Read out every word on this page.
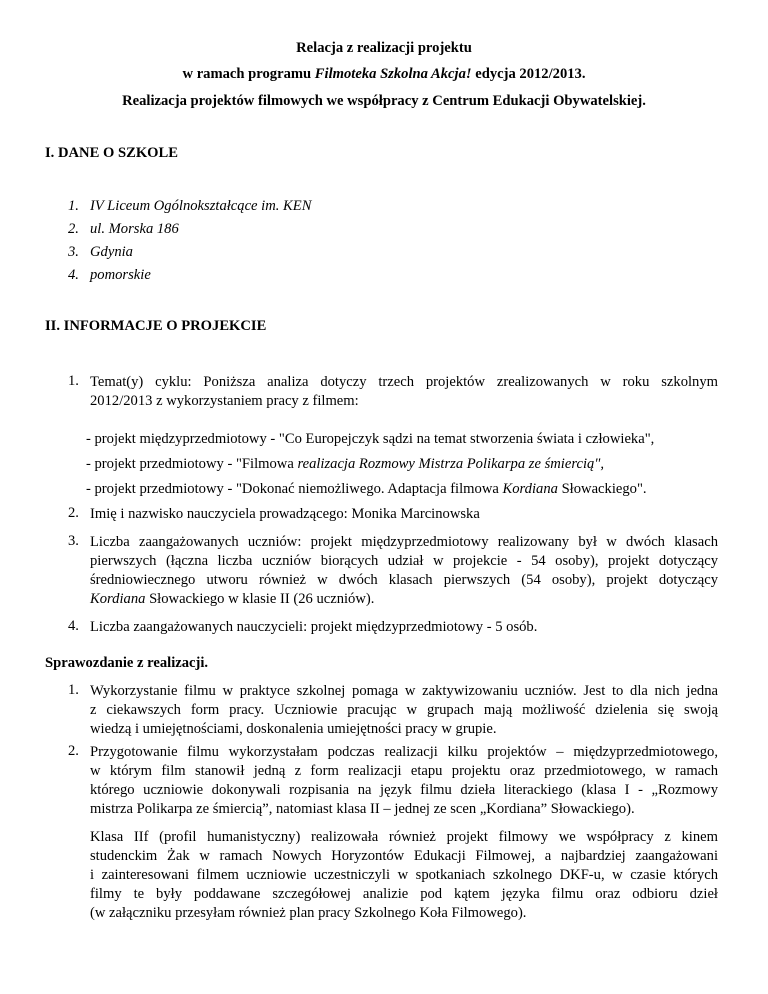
Relacja z realizacji projektu
w ramach programu Filmoteka Szkolna Akcja! edycja 2012/2013.
Realizacja projektów filmowych we współpracy z Centrum Edukacji Obywatelskiej.
I. DANE O SZKOLE
1. IV Liceum Ogólnokształcące im. KEN
2. ul. Morska 186
3. Gdynia
4. pomorskie
II. INFORMACJE O PROJEKCIE
1. Temat(y) cyklu: Poniższa analiza dotyczy trzech projektów zrealizowanych w roku szkolnym
2012/2013 z wykorzystaniem pracy z filmem:
- projekt międzyprzedmiotowy - "Co Europejczyk sądzi na temat stworzenia świata i człowieka",
- projekt przedmiotowy - "Filmowa realizacja Rozmowy Mistrza Polikarpa ze śmiercią",
- projekt przedmiotowy - "Dokonać niemożliwego. Adaptacja filmowa Kordiana Słowackiego".
2. Imię i nazwisko nauczyciela prowadzącego: Monika Marcinowska
3. Liczba zaangażowanych uczniów: projekt międzyprzedmiotowy realizowany był w dwóch klasach
pierwszych (łączna liczba uczniów biorących udział w projekcie - 54 osoby), projekt dotyczący
średniowiecznego utworu również w dwóch klasach pierwszych (54 osoby), projekt dotyczący
Kordiana Słowackiego w klasie II (26 uczniów).
4. Liczba zaangażowanych nauczycieli: projekt międzyprzedmiotowy - 5 osób.
Sprawozdanie z realizacji.
1. Wykorzystanie filmu w praktyce szkolnej pomaga w zaktywizowaniu uczniów. Jest to dla nich jedna
z ciekawszych form pracy. Uczniowie pracując w grupach mają możliwość dzielenia się swoją
wiedzą i umiejętnościami, doskonalenia umiejętności pracy w grupie.
2. Przygotowanie filmu wykorzystałam podczas realizacji kilku projektów – międzyprzedmiotowego,
w którym film stanowił jedną z form realizacji etapu projektu oraz przedmiotowego, w ramach
którego uczniowie dokonywali rozpisania na język filmu dzieła literackiego (klasa I - „Rozmowy
mistrza Polikarpa ze śmiercią”, natomiast klasa II – jednej ze scen „Kordiana” Słowackiego).
Klasa IIf (profil humanistyczny) realizowała również projekt filmowy we współpracy z kinem
studenckim Żak w ramach Nowych Horyzontów Edukacji Filmowej, a najbardziej zaangażowani
i zainteresowani filmem uczniowie uczestniczyli w spotkaniach szkolnego DKF-u, w czasie których
filmy te były poddawane szczegółowej analizie pod kątem języka filmu oraz odbioru dzieł
(w załączniku przesyłam również plan pracy Szkolnego Koła Filmowego).
